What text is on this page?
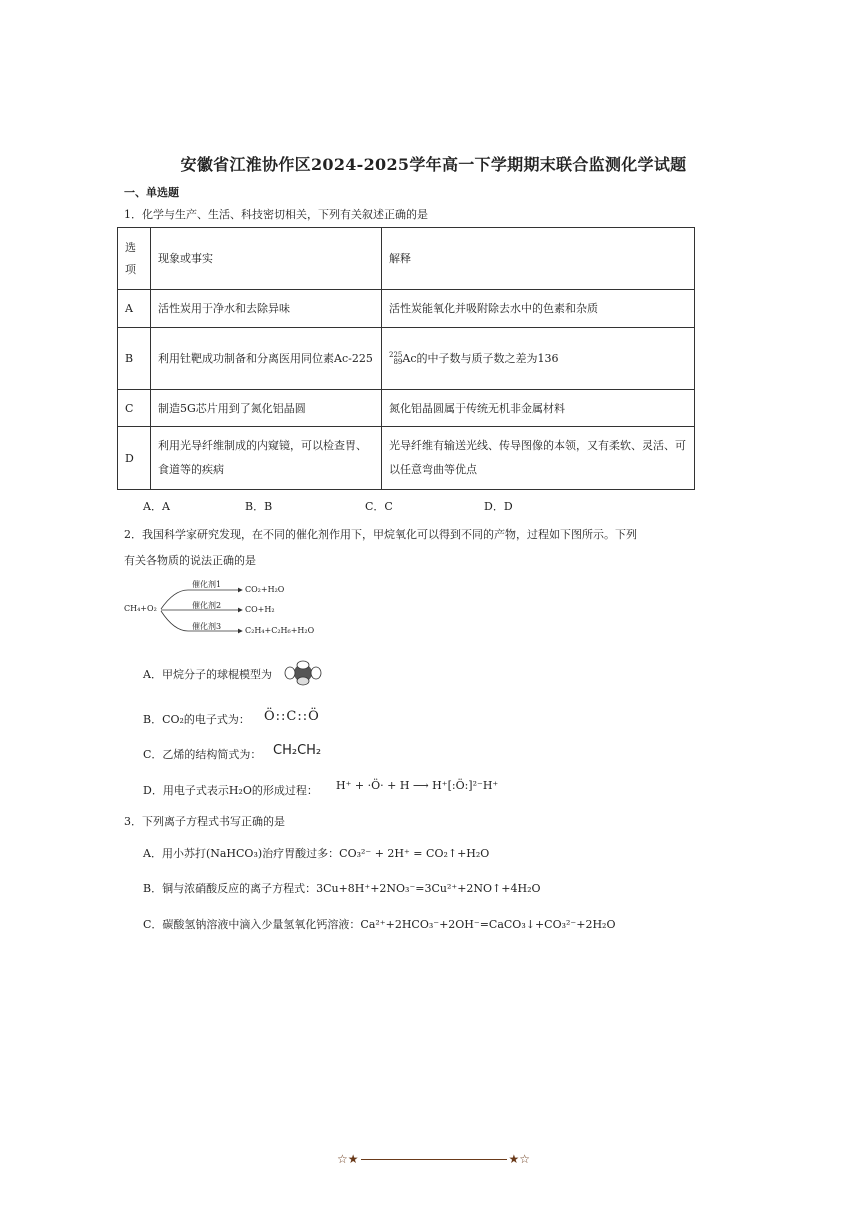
安徽省江淮协作区2024-2025学年高一下学期期末联合监测化学试题
一、单选题
1．化学与生产、生活、科技密切相关，下列有关叙述正确的是
选项	现象或事实	解释
A	活性炭用于净水和去除异味	活性炭能氧化并吸附除去水中的色素和杂质
B	利用钍靶成功制备和分离医用同位素Ac-225	225
89Ac的中子数与质子数之差为136
C	制造5G芯片用到了氮化铝晶圆	氮化铝晶圆属于传统无机非金属材料
D	利用光导纤维制成的内窥镜，可以检查胃、食道等的疾病	光导纤维有输送光线、传导图像的本领，又有柔软、灵活、可以任意弯曲等优点
A．A	B．B	C．C	D．D
2．我国科学家研究发现，在不同的催化剂作用下，甲烷氧化可以得到不同的产物，过程如下图所示。下列
有关各物质的说法正确的是
CH₄+O₂
催化剂1
催化剂2
催化剂3
CO₂+H₂O
CO+H₂
C₂H₄+C₂H₆+H₂O
A．甲烷分子的球棍模型为
B．CO₂的电子式为： Ö::C::Ö
C．乙烯的结构简式为： CH₂CH₂
D．用电子式表示H₂O的形成过程： H⁺ + ·Ö· + H ⟶ H⁺[:Ö:]²⁻H⁺
3．下列离子方程式书写正确的是
A．用小苏打(NaHCO₃)治疗胃酸过多：CO₃²⁻ + 2H⁺ = CO₂↑+H₂O
B．铜与浓硝酸反应的离子方程式：3Cu+8H⁺+2NO₃⁻=3Cu²⁺+2NO↑+4H₂O
C．碳酸氢钠溶液中滴入少量氢氧化钙溶液：Ca²⁺+2HCO₃⁻+2OH⁻=CaCO₃↓+CO₃²⁻+2H₂O
☆★	★☆
